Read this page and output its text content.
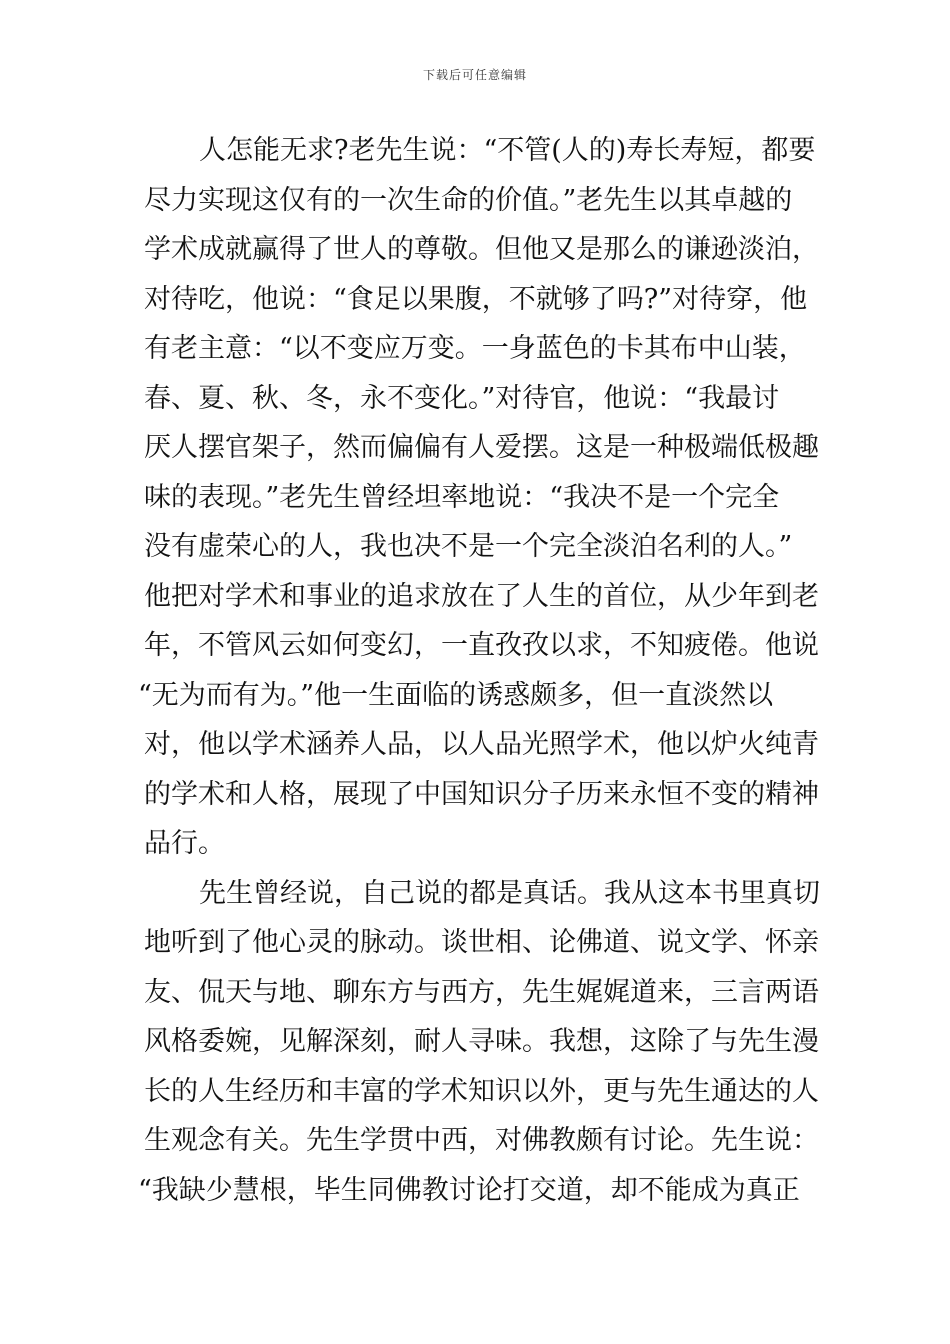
下载后可任意编辑
人怎能无求?老先生说：“不管(人的)寿长寿短，都要
尽力实现这仅有的一次生命的价值。”老先生以其卓越的
学术成就赢得了世人的尊敬。但他又是那么的谦逊淡泊，
对待吃，他说：“食足以果腹，不就够了吗?”对待穿，他
有老主意：“以不变应万变。一身蓝色的卡其布中山装，
春、夏、秋、冬，永不变化。”对待官，他说：“我最讨
厌人摆官架子，然而偏偏有人爱摆。这是一种极端低极趣
味的表现。”老先生曾经坦率地说：“我决不是一个完全
没有虚荣心的人，我也决不是一个完全淡泊名利的人。”
他把对学术和事业的追求放在了人生的首位，从少年到老
年，不管风云如何变幻，一直孜孜以求，不知疲倦。他说
“无为而有为。”他一生面临的诱惑颇多，但一直淡然以
对，他以学术涵养人品，以人品光照学术，他以炉火纯青
的学术和人格，展现了中国知识分子历来永恒不变的精神
品行。
先生曾经说，自己说的都是真话。我从这本书里真切
地听到了他心灵的脉动。谈世相、论佛道、说文学、怀亲
友、侃天与地、聊东方与西方，先生娓娓道来，三言两语
风格委婉，见解深刻，耐人寻味。我想，这除了与先生漫
长的人生经历和丰富的学术知识以外，更与先生通达的人
生观念有关。先生学贯中西，对佛教颇有讨论。先生说：
“我缺少慧根，毕生同佛教讨论打交道，却不能成为真正
